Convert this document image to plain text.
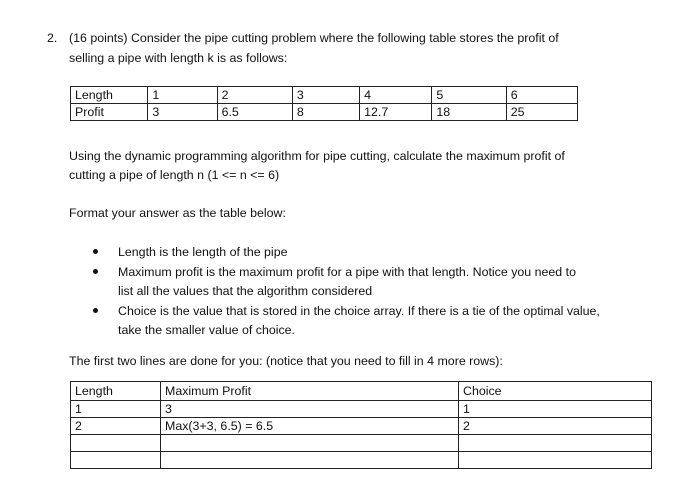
2. (16 points) Consider the pipe cutting problem where the following table stores the profit of
selling a pipe with length k is as follows:
Length	1	2	3	4	5	6
Profit	3	6.5	8	12.7	18	25
Using the dynamic programming algorithm for pipe cutting, calculate the maximum profit of
cutting a pipe of length n (1 <= n <= 6)
Format your answer as the table below:
Length is the length of the pipe
Maximum profit is the maximum profit for a pipe with that length. Notice you need to
list all the values that the algorithm considered
Choice is the value that is stored in the choice array. If there is a tie of the optimal value,
take the smaller value of choice.
The first two lines are done for you: (notice that you need to fill in 4 more rows):
Length	Maximum Profit	Choice
1	3	1
2	Max(3+3, 6.5) = 6.5	2
